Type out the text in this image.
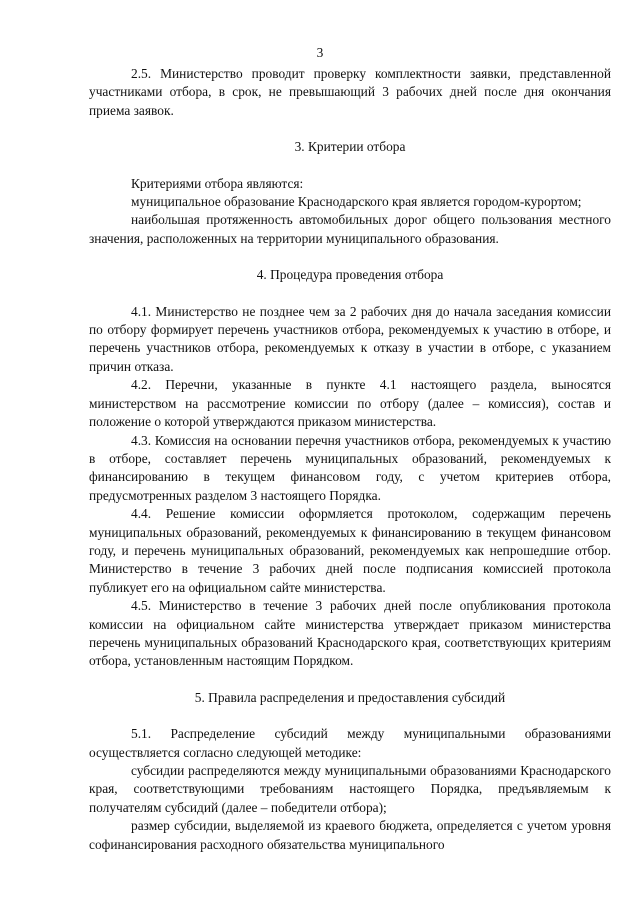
3

2.5. Министерство проводит проверку комплектности заявки, представленной участниками отбора, в срок, не превышающий 3 рабочих дней после дня окончания приема заявок.

3. Критерии отбора

Критериями отбора являются:

муниципальное образование Краснодарского края является городом-курортом;

наибольшая протяженность автомобильных дорог общего пользования местного значения, расположенных на территории муниципального образования.

4. Процедура проведения отбора

4.1. Министерство не позднее чем за 2 рабочих дня до начала заседания комиссии по отбору формирует перечень участников отбора, рекомендуемых к участию в отборе, и перечень участников отбора, рекомендуемых к отказу в участии в отборе, с указанием причин отказа.

4.2. Перечни, указанные в пункте 4.1 настоящего раздела, выносятся министерством на рассмотрение комиссии по отбору (далее – комиссия), состав и положение о которой утверждаются приказом министерства.

4.3. Комиссия на основании перечня участников отбора, рекомендуемых к участию в отборе, составляет перечень муниципальных образований, рекомендуемых к финансированию в текущем финансовом году, с учетом критериев отбора, предусмотренных разделом 3 настоящего Порядка.

4.4. Решение комиссии оформляется протоколом, содержащим перечень муниципальных образований, рекомендуемых к финансированию в текущем финансовом году, и перечень муниципальных образований, рекомендуемых как непрошедшие отбор. Министерство в течение 3 рабочих дней после подписания комиссией протокола публикует его на официальном сайте министерства.

4.5. Министерство в течение 3 рабочих дней после опубликования протокола комиссии на официальном сайте министерства утверждает приказом министерства перечень муниципальных образований Краснодарского края, соответствующих критериям отбора, установленным настоящим Порядком.

5. Правила распределения и предоставления субсидий

5.1. Распределение субсидий между муниципальными образованиями осуществляется согласно следующей методике:

субсидии распределяются между муниципальными образованиями Краснодарского края, соответствующими требованиям настоящего Порядка, предъявляемым к получателям субсидий (далее – победители отбора);

размер субсидии, выделяемой из краевого бюджета, определяется с учетом уровня софинансирования расходного обязательства муниципального
